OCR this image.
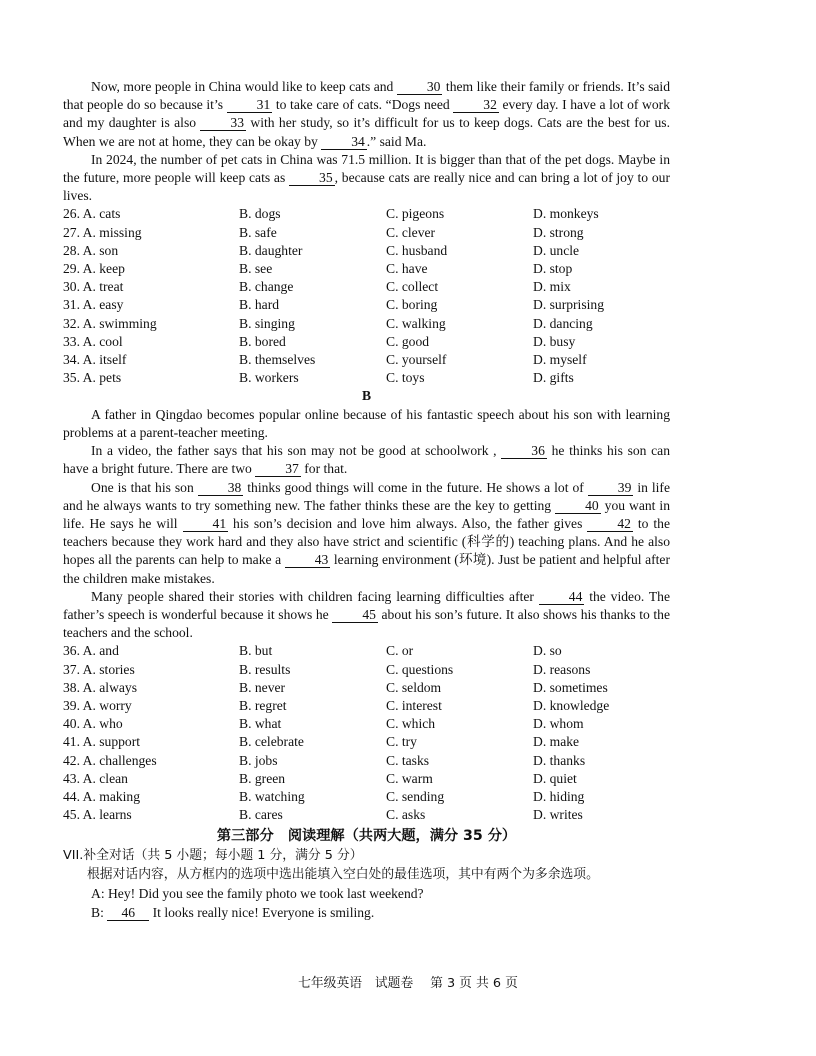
Now, more people in China would like to keep cats and 30 them like their family or friends. It’s said that people do so because it’s 31 to take care of cats. “Dogs need 32 every day. I have a lot of work and my daughter is also 33 with her study, so it’s difficult for us to keep dogs. Cats are the best for us. When we are not at home, they can be okay by 34 .” said Ma.

In 2024, the number of pet cats in China was 71.5 million. It is bigger than that of the pet dogs. Maybe in the future, more people will keep cats as 35 , because cats are really nice and can bring a lot of joy to our lives.

26. A. cats	B. dogs	C. pigeons	D. monkeys
27. A. missing	B. safe	C. clever	D. strong
28. A. son	B. daughter	C. husband	D. uncle
29. A. keep	B. see	C. have	D. stop
30. A. treat	B. change	C. collect	D. mix
31. A. easy	B. hard	C. boring	D. surprising
32. A. swimming	B. singing	C. walking	D. dancing
33. A. cool	B. bored	C. good	D. busy
34. A. itself	B. themselves	C. yourself	D. myself
35. A. pets	B. workers	C. toys	D. gifts

B

A father in Qingdao becomes popular online because of his fantastic speech about his son with learning problems at a parent-teacher meeting.

In a video, the father says that his son may not be good at schoolwork , 36 he thinks his son can have a bright future. There are two 37 for that.

One is that his son 38 thinks good things will come in the future. He shows a lot of 39 in life and he always wants to try something new. The father thinks these are the key to getting 40 you want in life. He says he will 41 his son’s decision and love him always. Also, the father gives 42 to the teachers because they work hard and they also have strict and scientific (科学的) teaching plans. And he also hopes all the parents can help to make a 43 learning environment (环境). Just be patient and helpful after the children make mistakes.

Many people shared their stories with children facing learning difficulties after 44 the video. The father’s speech is wonderful because it shows he 45 about his son’s future. It also shows his thanks to the teachers and the school.

36. A. and	B. but	C. or	D. so
37. A. stories	B. results	C. questions	D. reasons
38. A. always	B. never	C. seldom	D. sometimes
39. A. worry	B. regret	C. interest	D. knowledge
40. A. who	B. what	C. which	D. whom
41. A. support	B. celebrate	C. try	D. make
42. A. challenges	B. jobs	C. tasks	D. thanks
43. A. clean	B. green	C. warm	D. quiet
44. A. making	B. watching	C. sending	D. hiding
45. A. learns	B. cares	C. asks	D. writes

第三部分　阅读理解（共两大题，满分 35 分）

VII.补全对话（共 5 小题；每小题 1 分，满分 5 分）

根据对话内容，从方框内的选项中选出能填入空白处的最佳选项，其中有两个为多余选项。

A: Hey! Did you see the family photo we took last weekend?

B: 46 It looks really nice! Everyone is smiling.

七年级英语　试题卷　 第 3 页 共 6 页
